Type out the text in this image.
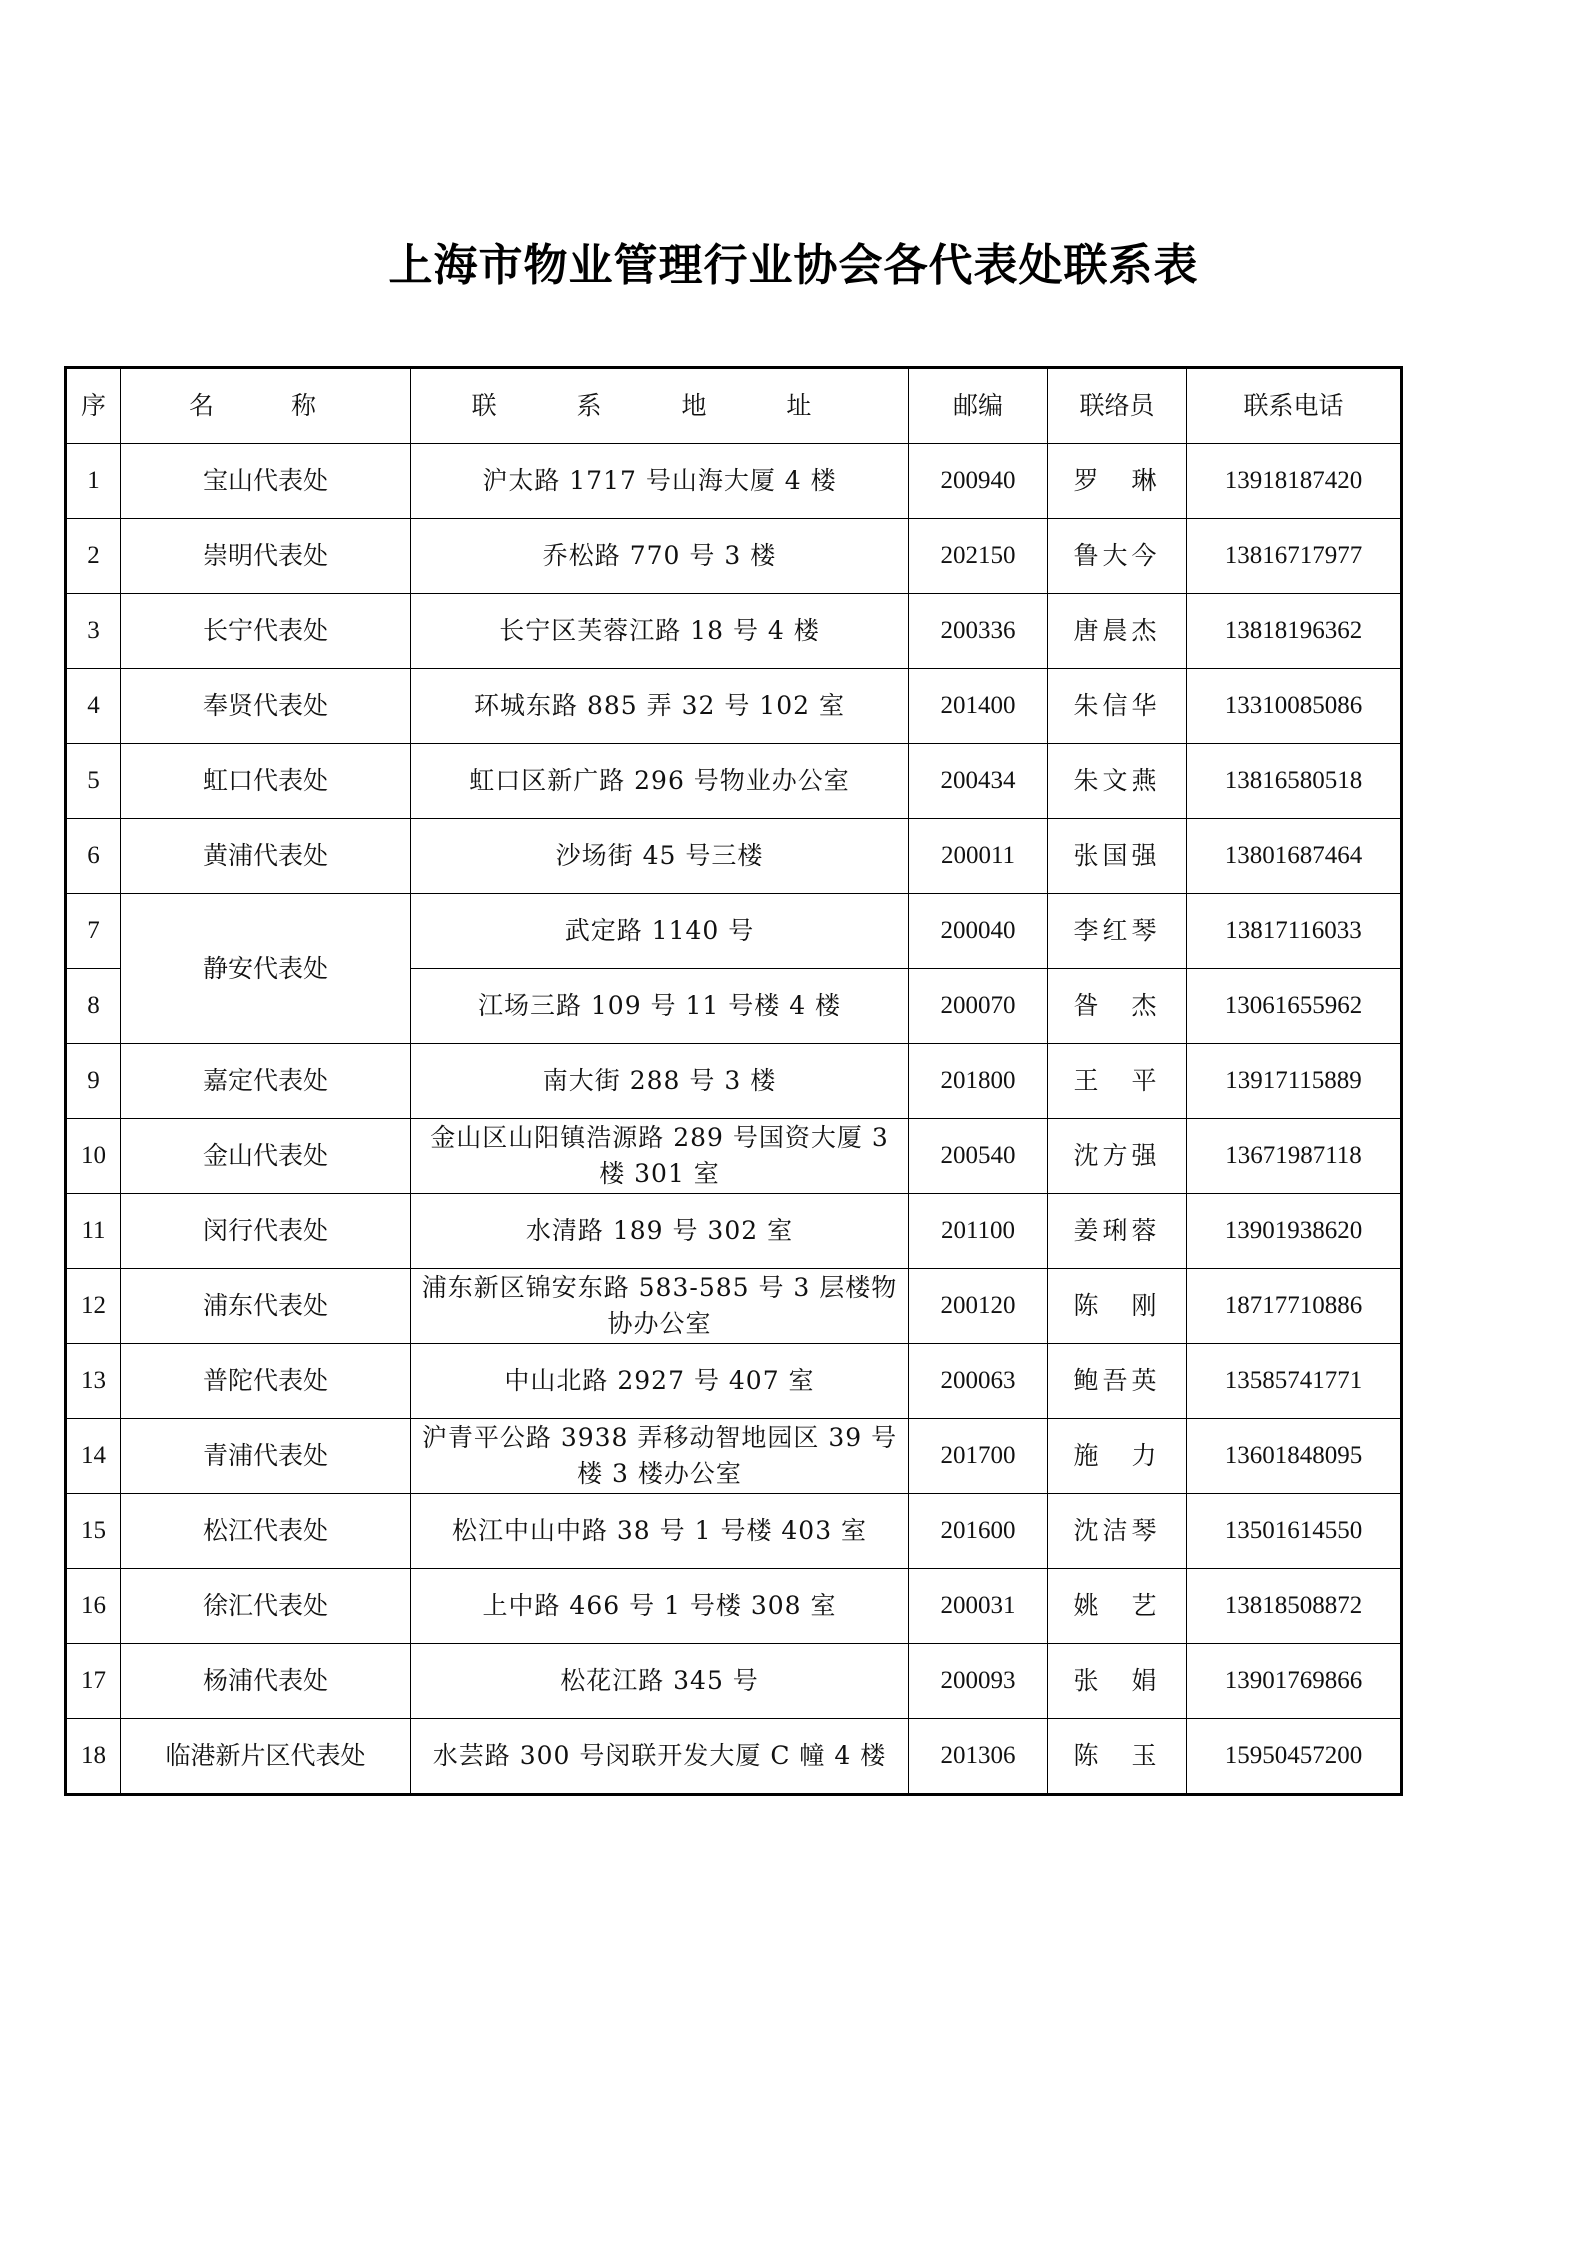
上海市物业管理行业协会各代表处联系表
序	名　称	联 系 地 址	邮编	联络员	联系电话
1	宝山代表处	沪太路 1717 号山海大厦 4 楼	200940	罗　琳	13918187420
2	崇明代表处	乔松路 770 号 3 楼	202150	鲁大今	13816717977
3	长宁代表处	长宁区芙蓉江路 18 号 4 楼	200336	唐晨杰	13818196362
4	奉贤代表处	环城东路 885 弄 32 号 102 室	201400	朱信华	13310085086
5	虹口代表处	虹口区新广路 296 号物业办公室	200434	朱文燕	13816580518
6	黄浦代表处	沙场街 45 号三楼	200011	张国强	13801687464
7	静安代表处	武定路 1140 号	200040	李红琴	13817116033
8		江场三路 109 号 11 号楼 4 楼	200070	昝　杰	13061655962
9	嘉定代表处	南大街 288 号 3 楼	201800	王　平	13917115889
10	金山代表处	金山区山阳镇浩源路 289 号国资大厦 3 楼 301 室	200540	沈方强	13671987118
11	闵行代表处	水清路 189 号 302 室	201100	姜琍蓉	13901938620
12	浦东代表处	浦东新区锦安东路 583-585 号 3 层楼物协办公室	200120	陈　刚	18717710886
13	普陀代表处	中山北路 2927 号 407 室	200063	鲍吾英	13585741771
14	青浦代表处	沪青平公路 3938 弄移动智地园区 39 号楼 3 楼办公室	201700	施　力	13601848095
15	松江代表处	松江中山中路 38 号 1 号楼 403 室	201600	沈洁琴	13501614550
16	徐汇代表处	上中路 466 号 1 号楼 308 室	200031	姚　艺	13818508872
17	杨浦代表处	松花江路 345 号	200093	张　娟	13901769866
18	临港新片区代表处	水芸路 300 号闵联开发大厦 C 幢 4 楼	201306	陈　玉	15950457200
